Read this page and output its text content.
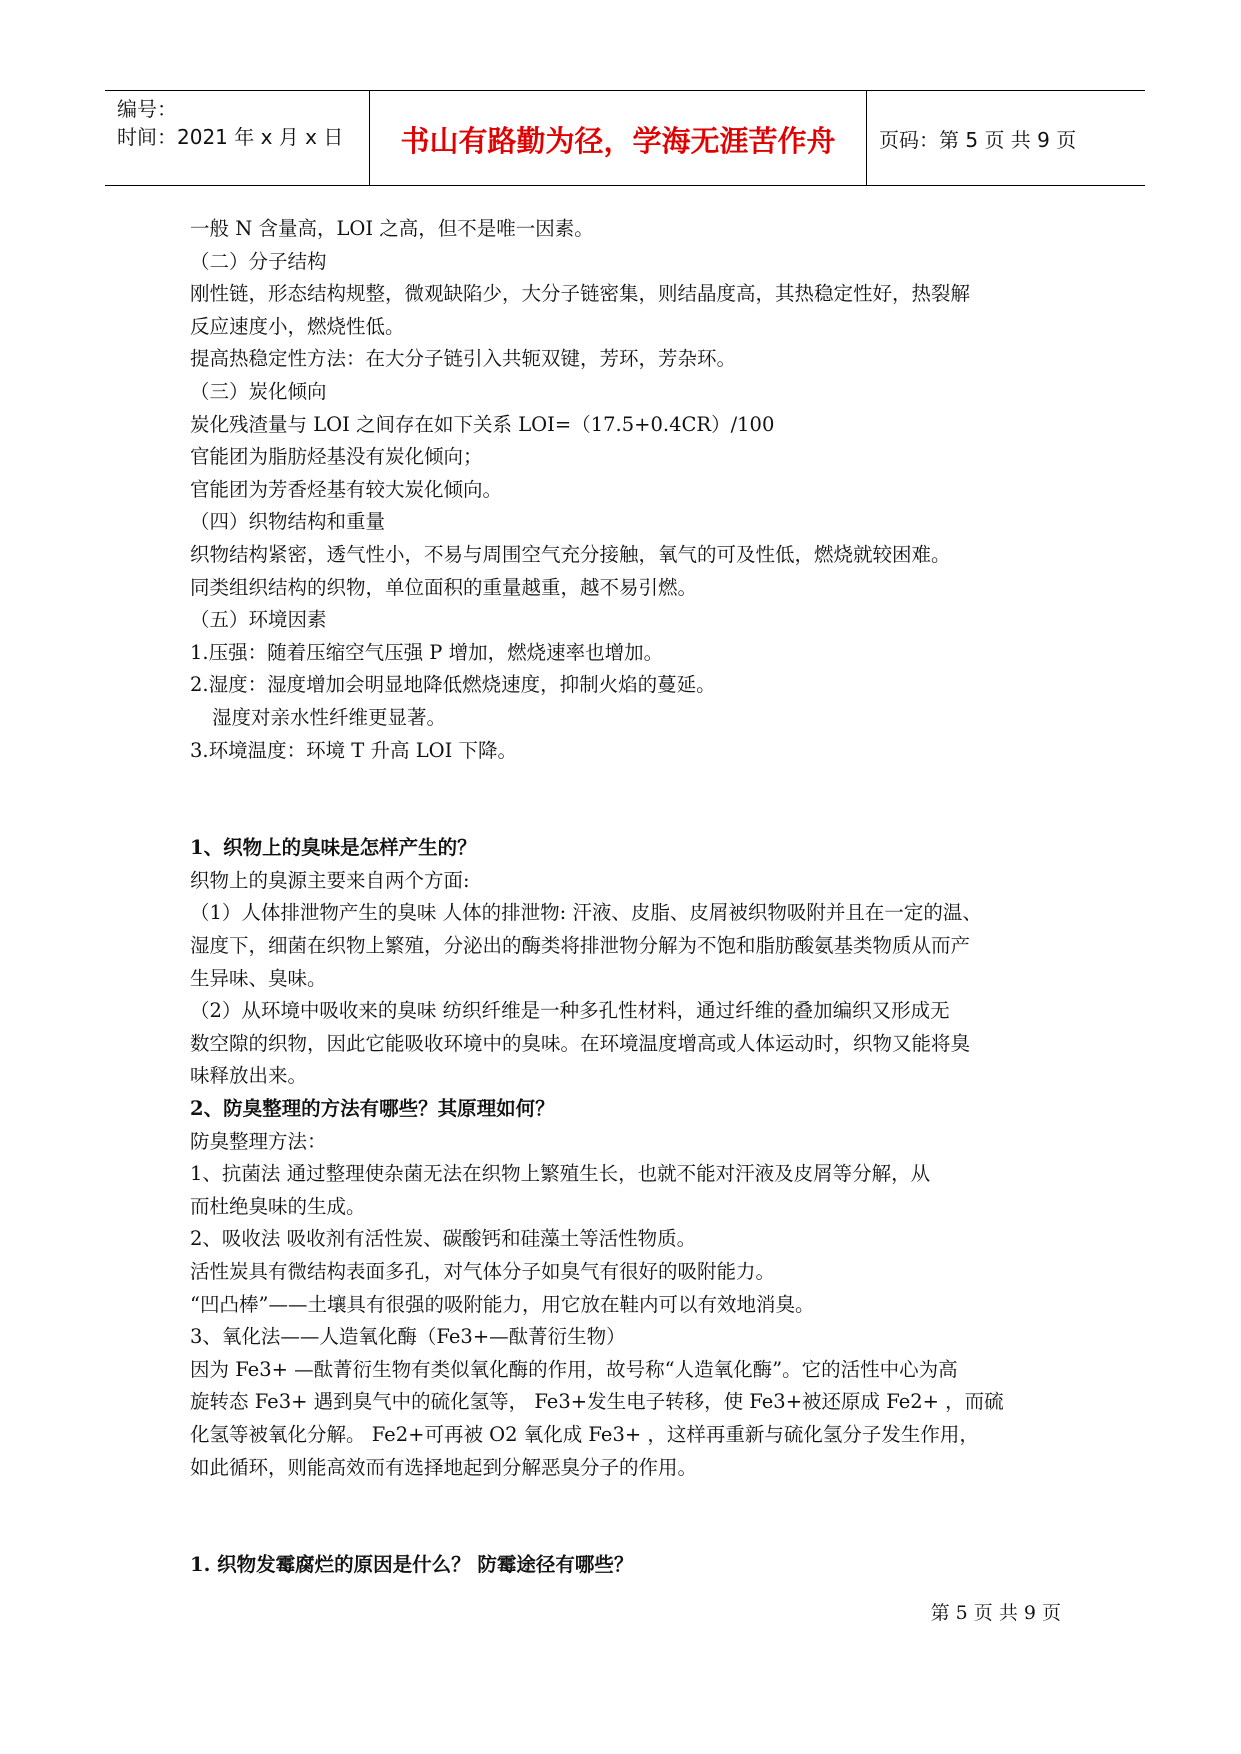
编号：
时间：2021 年 x 月 x 日	书山有路勤为径，学海无涯苦作舟	页码：第 5 页 共 9 页
一般 N 含量高，LOI 之高，但不是唯一因素。
（二）分子结构
刚性链，形态结构规整，微观缺陷少，大分子链密集，则结晶度高，其热稳定性好，热裂解
反应速度小，燃烧性低。
提高热稳定性方法：在大分子链引入共轭双键，芳环，芳杂环。
（三）炭化倾向
炭化残渣量与 LOI 之间存在如下关系 LOI=（17.5+0.4CR）/100
官能团为脂肪烃基没有炭化倾向；
官能团为芳香烃基有较大炭化倾向。
（四）织物结构和重量
织物结构紧密，透气性小，不易与周围空气充分接触，氧气的可及性低，燃烧就较困难。
同类组织结构的织物，单位面积的重量越重，越不易引燃。
（五）环境因素
1.压强：随着压缩空气压强 P 增加，燃烧速率也增加。
2.湿度：湿度增加会明显地降低燃烧速度，抑制火焰的蔓延。
湿度对亲水性纤维更显著。
3.环境温度：环境 T 升高 LOI 下降。
1、织物上的臭味是怎样产生的？
织物上的臭源主要来自两个方面:
（1）人体排泄物产生的臭味 人体的排泄物: 汗液、皮脂、皮屑被织物吸附并且在一定的温、
湿度下，细菌在织物上繁殖，分泌出的酶类将排泄物分解为不饱和脂肪酸氨基类物质从而产
生异味、臭味。
（2）从环境中吸收来的臭味 纺织纤维是一种多孔性材料，通过纤维的叠加编织又形成无
数空隙的织物，因此它能吸收环境中的臭味。在环境温度增高或人体运动时，织物又能将臭
味释放出来。
2、防臭整理的方法有哪些？其原理如何？
防臭整理方法：
1、抗菌法 通过整理使杂菌无法在织物上繁殖生长，也就不能对汗液及皮屑等分解，从
而杜绝臭味的生成。
2、吸收法 吸收剂有活性炭、碳酸钙和硅藻土等活性物质。
活性炭具有微结构表面多孔，对气体分子如臭气有很好的吸附能力。
“凹凸棒”——土壤具有很强的吸附能力，用它放在鞋内可以有效地消臭。
3、氧化法——人造氧化酶（Fe3+—酞菁衍生物）
因为 Fe3+ —酞菁衍生物有类似氧化酶的作用，故号称“人造氧化酶”。它的活性中心为高
旋转态 Fe3+ 遇到臭气中的硫化氢等， Fe3+发生电子转移，使 Fe3+被还原成 Fe2+ ，而硫
化氢等被氧化分解。 Fe2+可再被 O2 氧化成 Fe3+ ，这样再重新与硫化氢分子发生作用，
如此循环，则能高效而有选择地起到分解恶臭分子的作用。
1. 织物发霉腐烂的原因是什么？ 防霉途径有哪些？
第 5 页 共 9 页
